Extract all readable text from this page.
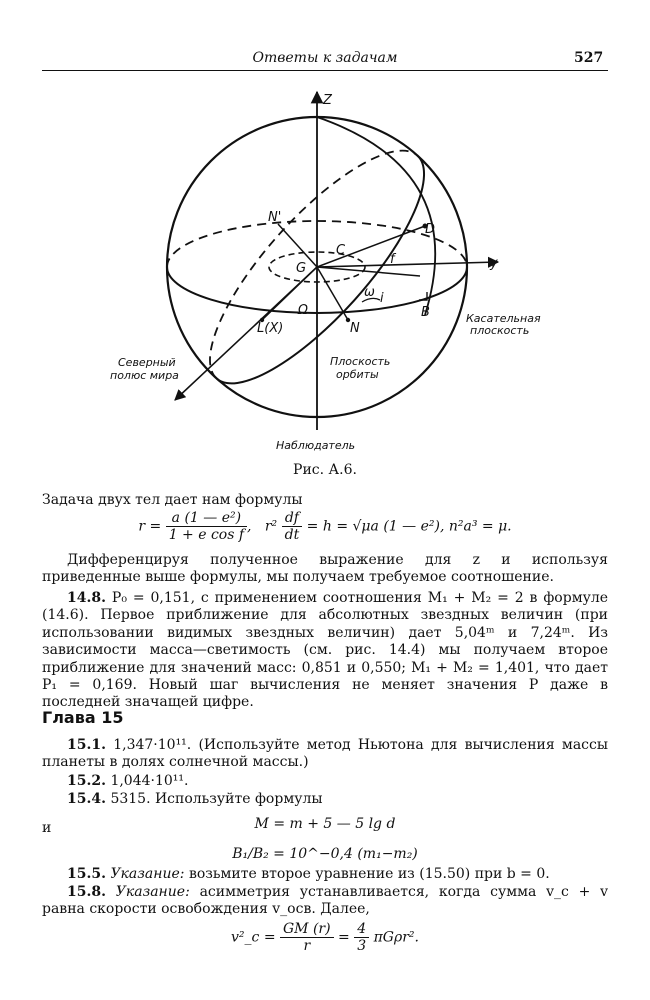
Ответы к задачам	527
Z
y
N'
D
C
G
f
ω i
Ω
L(X)	N
B	Касательная
плоскость
Северный
полюс мира
Плоскость
орбиты
Наблюдатель
Рис. А.6.
Задача двух тел дает нам формулы
$r = \frac{\text{a (1 — e²)}}{\text{1 + e cos f}}$ , $r^2 \frac{df}{dt} = h = √\mu a$ (1 — e²), n²a³ = μ.
Дифференцируя полученное выражение для z и используя приведенные выше формулы, мы получаем требуемое соотношение.
14.8. P₀ = 0,151, с применением соотношения M₁ + M₂ = 2 в формуле (14.6). Первое приближение для абсолютных звездных величин (при использовании видимых звездных величин) дает 5,04ᵐ и 7,24ᵐ. Из зависимости масса—светимость (см. рис. 14.4) мы получаем второе приближение для значений масс: 0,851 и 0,550; M₁ + M₂ = 1,401, что дает P₁ = 0,169. Новый шаг вычисления не меняет значения P даже в последней значащей цифре.
Глава 15
15.1. 1,347·10¹¹. (Используйте метод Ньютона для вычисления массы планеты в долях солнечной массы.)
15.2. 1,044·10¹¹.
15.4. 5315. Используйте формулы
M = m + 5 — 5 lg d
и
B₁/B₂ = 10^−0,4 (m₁−m₂)
15.5. Указание: возьмите второе уравнение из (15.50) при b = 0.
15.8. Указание: асимметрия устанавливается, когда сумма v_c + v равна скорости освобождения v_осв. Далее,
v²_c = $\frac{GM (r)}{r} = \frac{4}{3} \pi G\rho r^2$.
